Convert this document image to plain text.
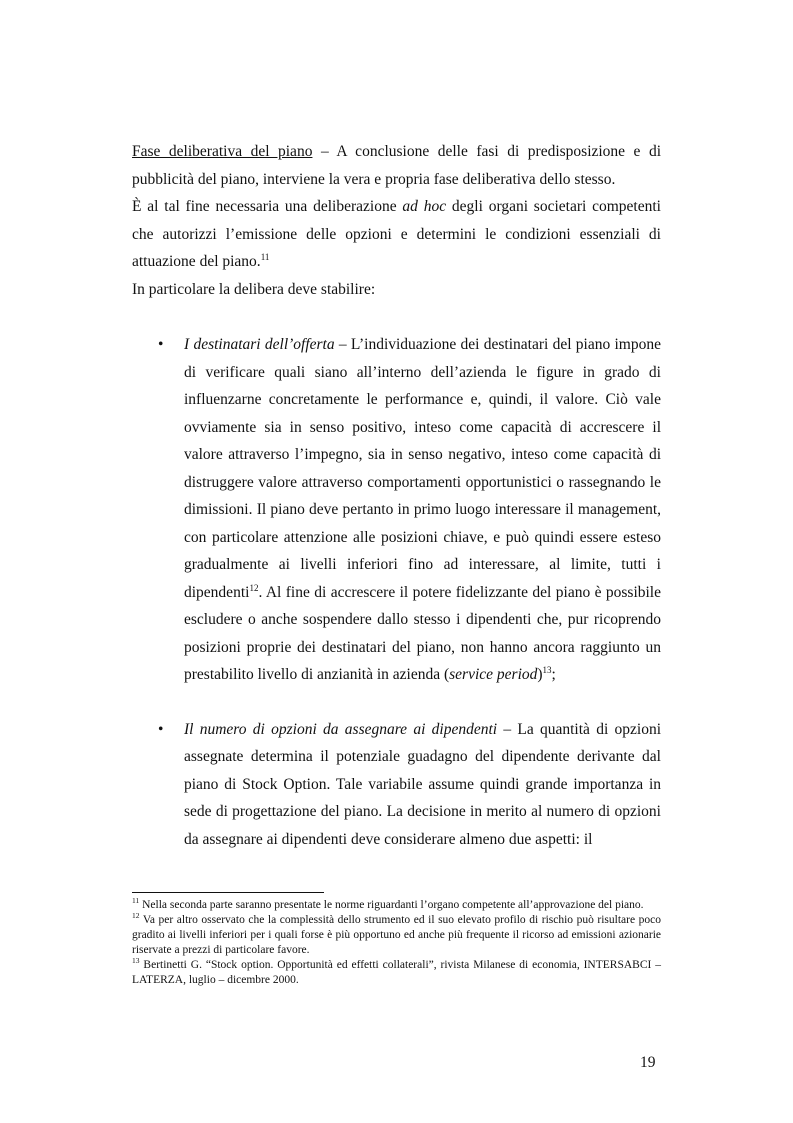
Fase deliberativa del piano – A conclusione delle fasi di predisposizione e di pubblicità del piano, interviene la vera e propria fase deliberativa dello stesso.

È al tal fine necessaria una deliberazione ad hoc degli organi societari competenti che autorizzi l’emissione delle opzioni e determini le condizioni essenziali di attuazione del piano.$^{11}$

In particolare la delibera deve stabilire:

• I destinatari dell’offerta – L’individuazione dei destinatari del piano impone di verificare quali siano all’interno dell’azienda le figure in grado di influenzarne concretamente le performance e, quindi, il valore. Ciò vale ovviamente sia in senso positivo, inteso come capacità di accrescere il valore attraverso l’impegno, sia in senso negativo, inteso come capacità di distruggere valore attraverso comportamenti opportunistici o rassegnando le dimissioni. Il piano deve pertanto in primo luogo interessare il management, con particolare attenzione alle posizioni chiave, e può quindi essere esteso gradualmente ai livelli inferiori fino ad interessare, al limite, tutti i dipendenti$^{12}$. Al fine di accrescere il potere fidelizzante del piano è possibile escludere o anche sospendere dallo stesso i dipendenti che, pur ricoprendo posizioni proprie dei destinatari del piano, non hanno ancora raggiunto un prestabilito livello di anzianità in azienda (service period)$^{13}$;

• Il numero di opzioni da assegnare ai dipendenti – La quantità di opzioni assegnate determina il potenziale guadagno del dipendente derivante dal piano di Stock Option. Tale variabile assume quindi grande importanza in sede di progettazione del piano. La decisione in merito al numero di opzioni da assegnare ai dipendenti deve considerare almeno due aspetti: il

$^{11}$ Nella seconda parte saranno presentate le norme riguardanti l’organo competente all’approvazione del piano.

$^{12}$ Va per altro osservato che la complessità dello strumento ed il suo elevato profilo di rischio può risultare poco gradito ai livelli inferiori per i quali forse è più opportuno ed anche più frequente il ricorso ad emissioni azionarie riservate a prezzi di particolare favore.

$^{13}$ Bertinetti G. “Stock option. Opportunità ed effetti collaterali”, rivista Milanese di economia, INTERSABCI – LATERZA, luglio – dicembre 2000.

19
